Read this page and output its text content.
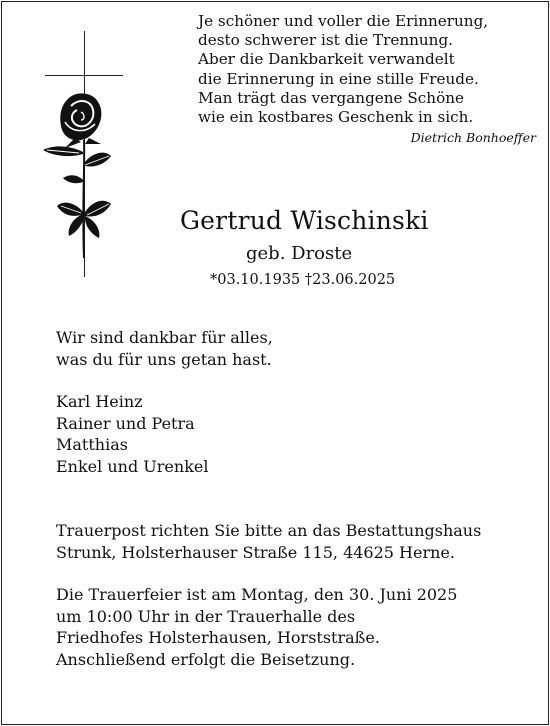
Je schöner und voller die Erinnerung,
desto schwerer ist die Trennung.
Aber die Dankbarkeit verwandelt
die Erinnerung in eine stille Freude.
Man trägt das vergangene Schöne
wie ein kostbares Geschenk in sich.
Dietrich Bonhoeffer
Gertrud Wischinski
geb. Droste
*03.10.1935 †23.06.2025
Wir sind dankbar für alles,
was du für uns getan hast.
Karl Heinz
Rainer und Petra
Matthias
Enkel und Urenkel
Trauerpost richten Sie bitte an das Bestattungshaus
Strunk, Holsterhauser Straße 115, 44625 Herne.
Die Trauerfeier ist am Montag, den 30. Juni 2025
um 10:00 Uhr in der Trauerhalle des
Friedhofes Holsterhausen, Horststraße.
Anschließend erfolgt die Beisetzung.
